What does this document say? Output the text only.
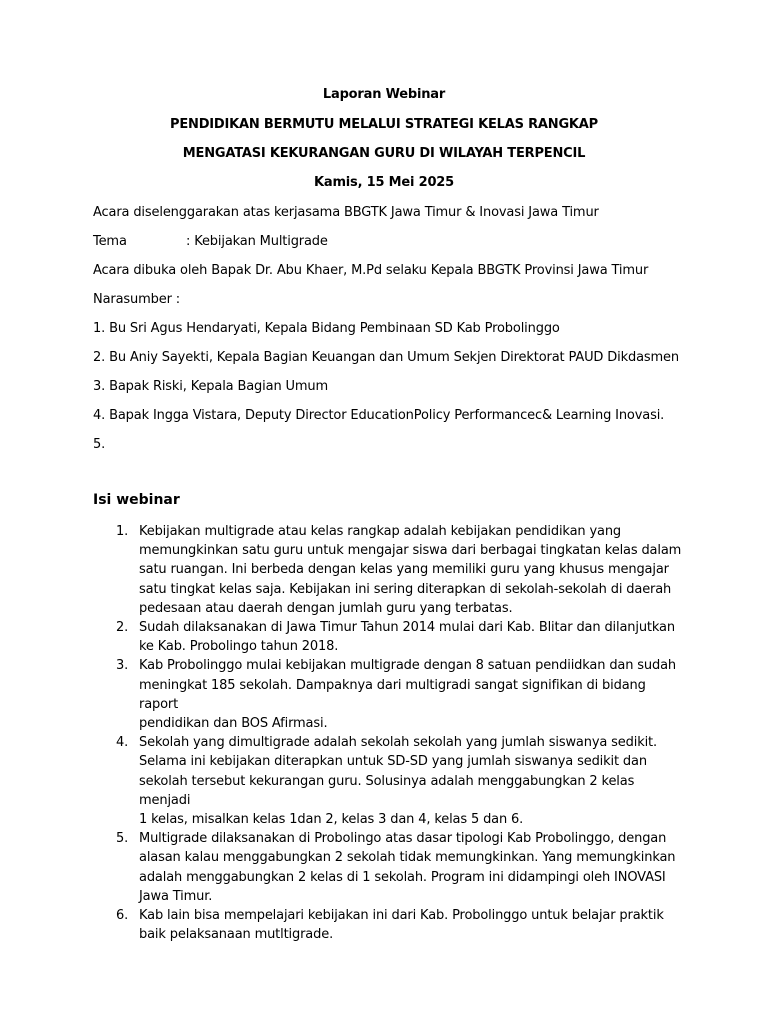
Laporan Webinar
PENDIDIKAN BERMUTU MELALUI STRATEGI KELAS RANGKAP
MENGATASI KEKURANGAN GURU DI WILAYAH TERPENCIL
Kamis, 15 Mei 2025
Acara diselenggarakan atas kerjasama BBGTK Jawa Timur & Inovasi Jawa Timur
Tema	: Kebijakan Multigrade
Acara dibuka oleh Bapak Dr. Abu Khaer, M.Pd selaku Kepala BBGTK Provinsi Jawa Timur
Narasumber :
1. Bu Sri Agus Hendaryati, Kepala Bidang Pembinaan SD Kab Probolinggo
2. Bu Aniy Sayekti, Kepala Bagian Keuangan dan Umum Sekjen Direktorat PAUD Dikdasmen
3. Bapak Riski, Kepala Bagian Umum
4. Bapak Ingga Vistara, Deputy Director EducationPolicy Performancec& Learning Inovasi.
5.
Isi webinar
1. Kebijakan multigrade atau kelas rangkap adalah kebijakan pendidikan yang
memungkinkan satu guru untuk mengajar siswa dari berbagai tingkatan kelas dalam
satu ruangan. Ini berbeda dengan kelas yang memiliki guru yang khusus mengajar
satu tingkat kelas saja. Kebijakan ini sering diterapkan di sekolah-sekolah di daerah
pedesaan atau daerah dengan jumlah guru yang terbatas.
2. Sudah dilaksanakan di Jawa Timur Tahun 2014 mulai dari Kab. Blitar dan dilanjutkan
ke Kab. Probolingo tahun 2018.
3. Kab Probolinggo mulai kebijakan multigrade dengan 8 satuan pendiidkan dan sudah
meningkat 185 sekolah. Dampaknya dari multigradi sangat signifikan di bidang raport
pendidikan dan BOS Afirmasi.
4. Sekolah yang dimultigrade adalah sekolah sekolah yang jumlah siswanya sedikit.
Selama ini kebijakan diterapkan untuk SD-SD yang jumlah siswanya sedikit dan
sekolah tersebut kekurangan guru. Solusinya adalah menggabungkan 2 kelas menjadi
1 kelas, misalkan kelas 1dan 2, kelas 3 dan 4, kelas 5 dan 6.
5. Multigrade dilaksanakan di Probolingo atas dasar tipologi Kab Probolinggo, dengan
alasan kalau menggabungkan 2 sekolah tidak memungkinkan. Yang memungkinkan
adalah menggabungkan 2 kelas di 1 sekolah. Program ini didampingi oleh INOVASI
Jawa Timur.
6. Kab lain bisa mempelajari kebijakan ini dari Kab. Probolinggo untuk belajar praktik
baik pelaksanaan mutltigrade.
